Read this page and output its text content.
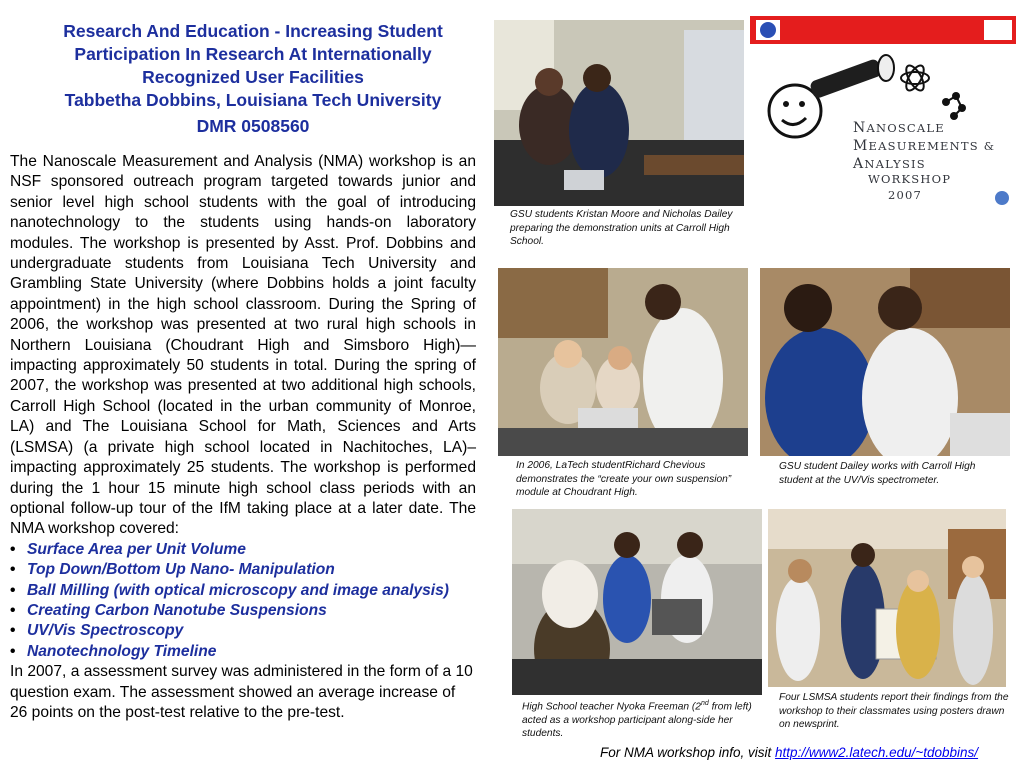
Research And Education - Increasing Student
Participation In Research At Internationally
Recognized User Facilities
Tabbetha Dobbins, Louisiana Tech University
DMR 0508560
The Nanoscale Measurement and Analysis (NMA) workshop is an NSF sponsored outreach program targeted towards junior and senior level high school students with the goal of introducing nanotechnology to the students using hands-on laboratory modules. The workshop is presented by Asst. Prof. Dobbins and undergraduate students from Louisiana Tech University and Grambling State University (where Dobbins holds a joint faculty appointment) in the high school classroom. During the Spring of 2006, the workshop was presented at two rural high schools in Northern Louisiana (Choudrant High and Simsboro High)—impacting approximately 50 students in total. During the spring of 2007, the workshop was presented at two additional high schools, Carroll High School (located in the urban community of Monroe, LA) and The Louisiana School for Math, Sciences and Arts (LSMSA) (a private high school located in Nachitoches, LA)– impacting approximately 25 students. The workshop is performed during the 1 hour 15 minute high school class periods with an optional follow-up tour of the IfM taking place at a later date. The NMA workshop covered:
• Surface Area per Unit Volume
• Top Down/Bottom Up Nano- Manipulation
• Ball Milling (with optical microscopy and image analysis)
• Creating Carbon Nanotube Suspensions
• UV/Vis Spectroscopy
• Nanotechnology Timeline
In 2007, a assessment survey was administered in the form of a 10 question exam. The assessment showed an average increase of 26 points on the post-test relative to the pre-test.
GSU students Kristan Moore and Nicholas Dailey preparing the demonstration units at Carroll High School.
NANOSCALE
MEASUREMENTS &
ANALYSIS
WORKSHOP
2007
In 2006, LaTech studentRichard Chevious demonstrates the “create your own suspension” module at Choudrant High.
GSU student Dailey works with Carroll High student at the UV/Vis spectrometer.
High School teacher Nyoka Freeman (2nd from left) acted as a workshop participant along-side her students.
Four LSMSA students report their findings from the workshop to their classmates using posters drawn on newsprint.
For NMA workshop info, visit http://www2.latech.edu/~tdobbins/
